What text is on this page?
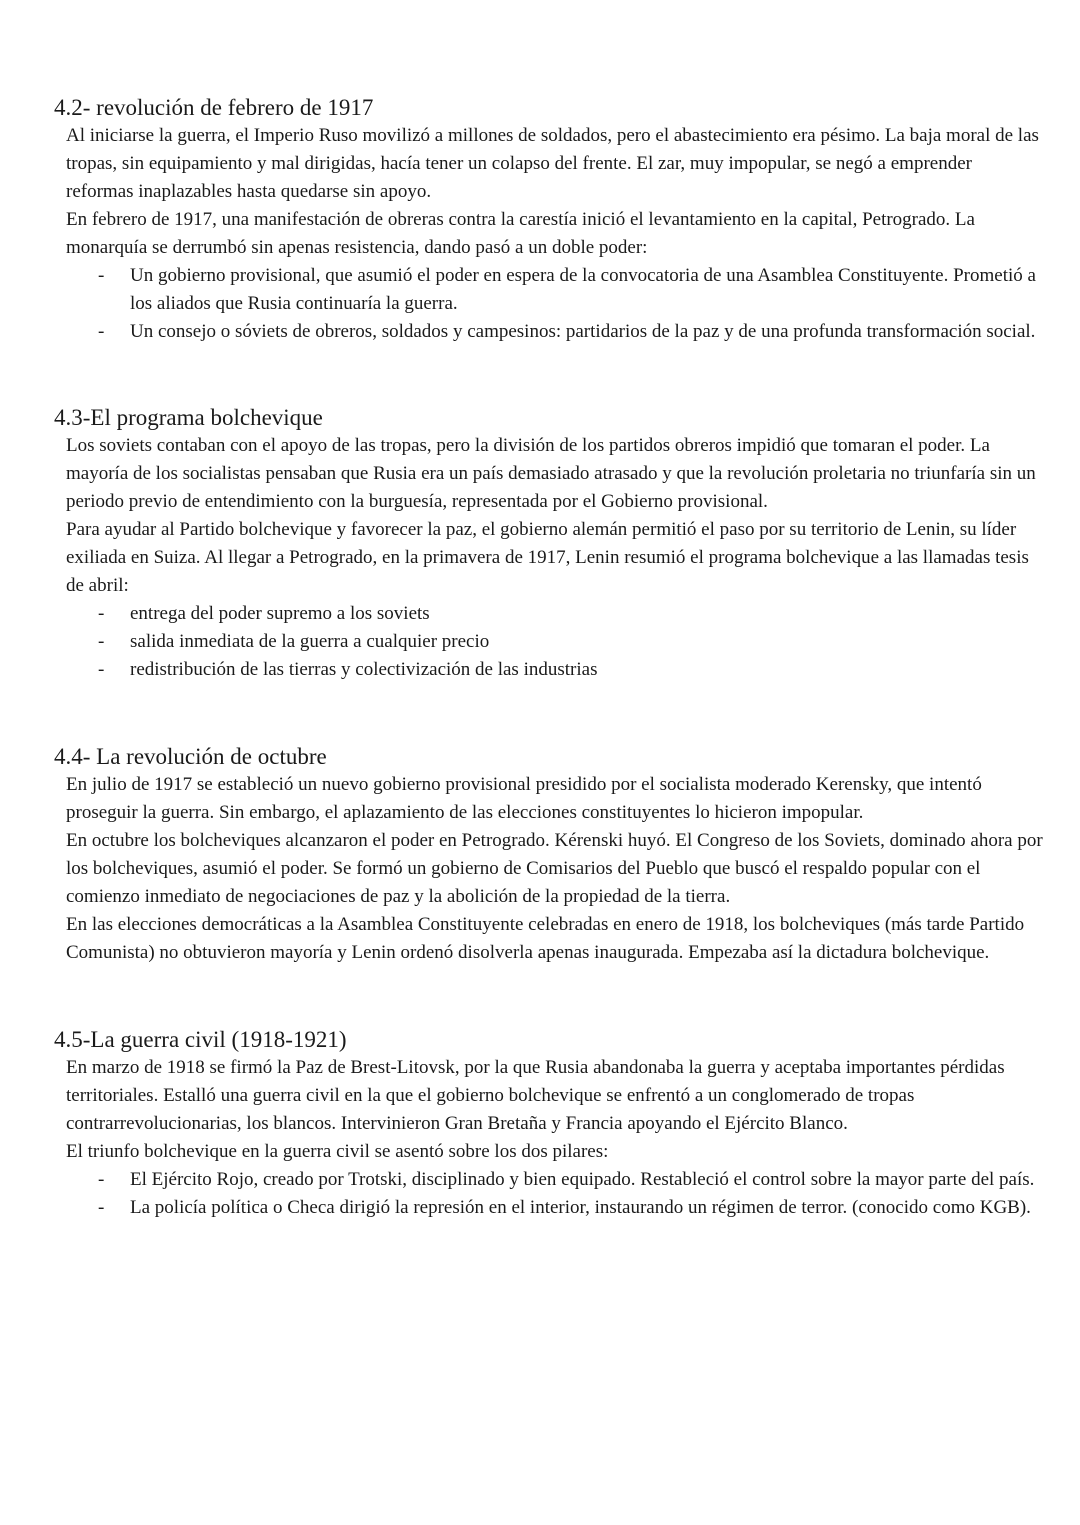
4.2- revolución de febrero de 1917

Al iniciarse la guerra, el Imperio Ruso movilizó a millones de soldados, pero el abastecimiento era pésimo. La baja moral de las tropas, sin equipamiento y mal dirigidas, hacía tener un colapso del frente. El zar, muy impopular, se negó a emprender reformas inaplazables hasta quedarse sin apoyo.

En febrero de 1917, una manifestación de obreras contra la carestía inició el levantamiento en la capital, Petrogrado. La monarquía se derrumbó sin apenas resistencia, dando pasó a un doble poder:

- Un gobierno provisional, que asumió el poder en espera de la convocatoria de una Asamblea Constituyente. Prometió a los aliados que Rusia continuaría la guerra.
- Un consejo o sóviets de obreros, soldados y campesinos: partidarios de la paz y de una profunda transformación social.
4.3-El programa bolchevique

Los soviets contaban con el apoyo de las tropas, pero la división de los partidos obreros impidió que tomaran el poder. La mayoría de los socialistas pensaban que Rusia era un país demasiado atrasado y que la revolución proletaria no triunfaría sin un periodo previo de entendimiento con la burguesía, representada por el Gobierno provisional.

Para ayudar al Partido bolchevique y favorecer la paz, el gobierno alemán permitió el paso por su territorio de Lenin, su líder exiliada en Suiza. Al llegar a Petrogrado, en la primavera de 1917, Lenin resumió el programa bolchevique a las llamadas tesis de abril:

- entrega del poder supremo a los soviets
- salida inmediata de la guerra a cualquier precio
- redistribución de las tierras y colectivización de las industrias
4.4- La revolución de octubre

En julio de 1917 se estableció un nuevo gobierno provisional presidido por el socialista moderado Kerensky, que intentó proseguir la guerra. Sin embargo, el aplazamiento de las elecciones constituyentes lo hicieron impopular.

En octubre los bolcheviques alcanzaron el poder en Petrogrado. Kérenski huyó. El Congreso de los Soviets, dominado ahora por los bolcheviques, asumió el poder. Se formó un gobierno de Comisarios del Pueblo que buscó el respaldo popular con el comienzo inmediato de negociaciones de paz y la abolición de la propiedad de la tierra.

En las elecciones democráticas a la Asamblea Constituyente celebradas en enero de 1918, los bolcheviques (más tarde Partido Comunista) no obtuvieron mayoría y Lenin ordenó disolverla apenas inaugurada. Empezaba así la dictadura bolchevique.

4.5-La guerra civil (1918-1921)

En marzo de 1918 se firmó la Paz de Brest-Litovsk, por la que Rusia abandonaba la guerra y aceptaba importantes pérdidas territoriales. Estalló una guerra civil en la que el gobierno bolchevique se enfrentó a un conglomerado de tropas contrarrevolucionarias, los blancos. Intervinieron Gran Bretaña y Francia apoyando el Ejército Blanco.

El triunfo bolchevique en la guerra civil se asentó sobre los dos pilares:

- El Ejército Rojo, creado por Trotski, disciplinado y bien equipado. Restableció el control sobre la mayor parte del país.
- La policía política o Checa dirigió la represión en el interior, instaurando un régimen de terror. (conocido como KGB).
